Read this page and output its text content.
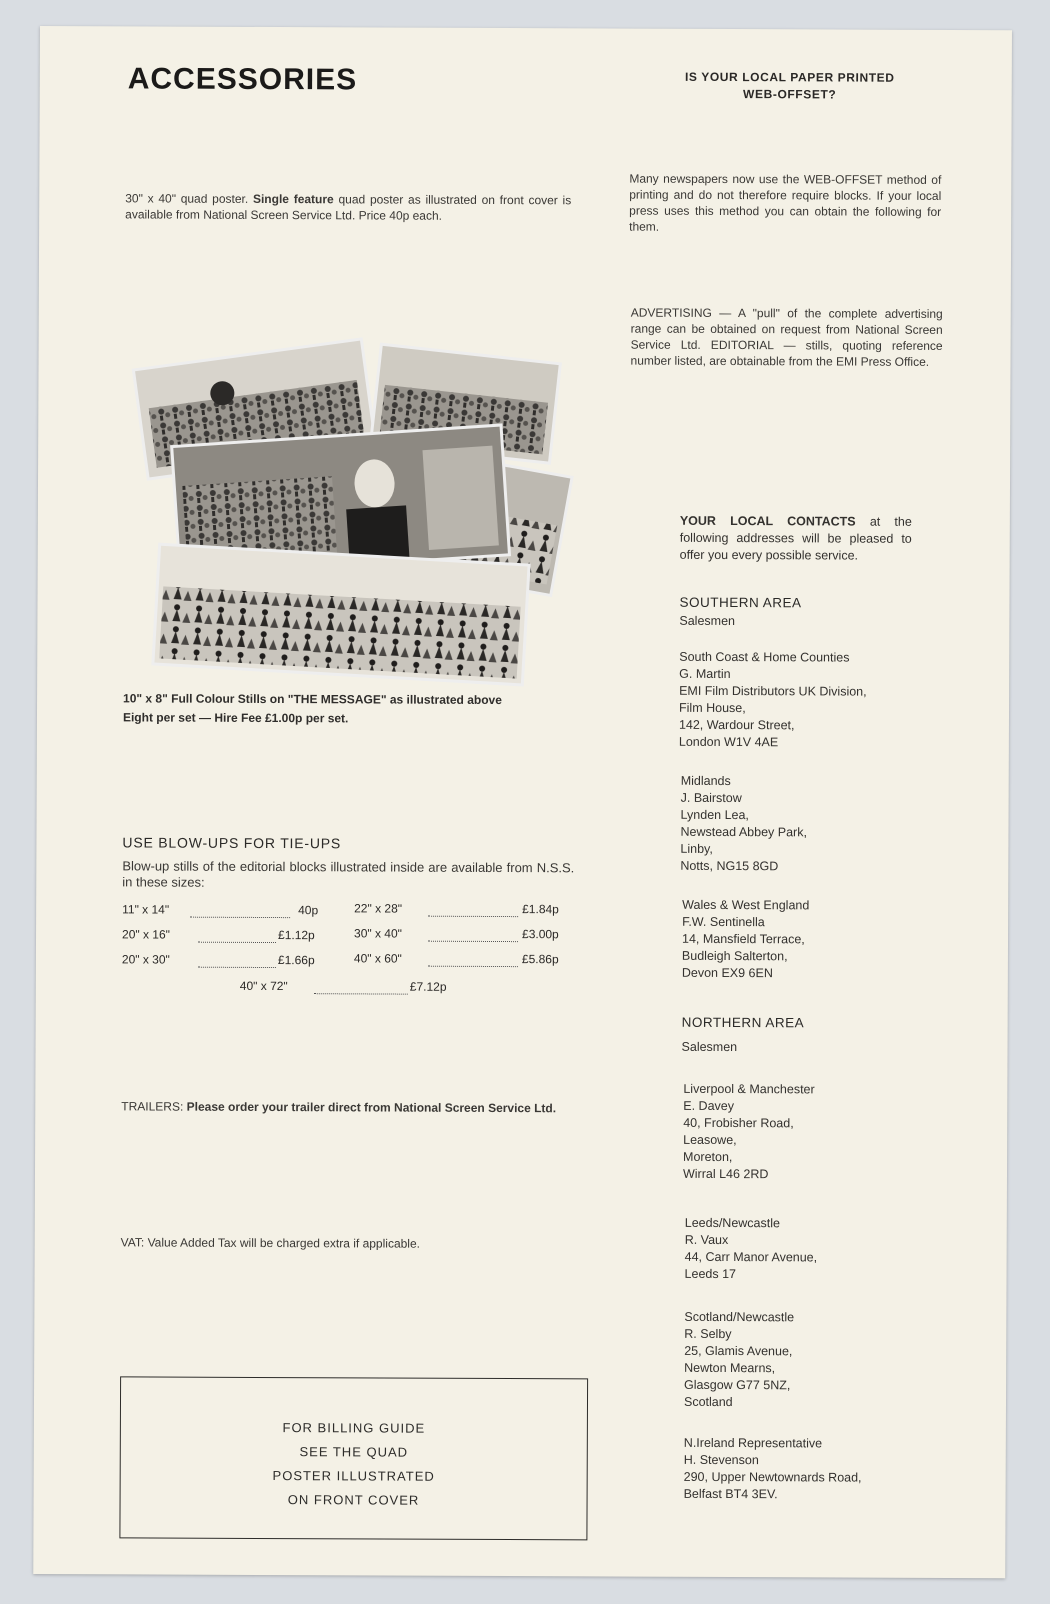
ACCESSORIES	IS YOUR LOCAL PAPER PRINTED
WEB-OFFSET?
30" x 40" quad poster. Single feature quad poster as illustrated on front cover is available from National Screen Service Ltd. Price 40p each.
Many newspapers now use the WEB-OFFSET method of printing and do not therefore require blocks. If your local press uses this method you can obtain the following for them.
ADVERTISING — A "pull" of the complete advertising range can be obtained on request from National Screen Service Ltd. EDITORIAL — stills, quoting reference number listed, are obtainable from the EMI Press Office.
10" x 8" Full Colour Stills on "THE MESSAGE" as illustrated above
Eight per set — Hire Fee £1.00p per set.
USE BLOW-UPS FOR TIE-UPS
Blow-up stills of the editorial blocks illustrated inside are available from N.S.S. in these sizes:
11" x 14"	40p
20" x 16"	£1.12p
20" x 30"	£1.66p
22" x 28"	£1.84p
30" x 40"	£3.00p
40" x 60"	£5.86p
40" x 72"	£7.12p
TRAILERS: Please order your trailer direct from National Screen Service Ltd.
VAT: Value Added Tax will be charged extra if applicable.
FOR BILLING GUIDE
SEE THE QUAD
POSTER ILLUSTRATED
ON FRONT COVER
YOUR LOCAL CONTACTS at the following addresses will be pleased to offer you every possible service.
SOUTHERN AREA
Salesmen
South Coast & Home Counties
G. Martin
EMI Film Distributors UK Division,
Film House,
142, Wardour Street,
London W1V 4AE
Midlands
J. Bairstow
Lynden Lea,
Newstead Abbey Park,
Linby,
Notts, NG15 8GD
Wales & West England
F.W. Sentinella
14, Mansfield Terrace,
Budleigh Salterton,
Devon EX9 6EN
NORTHERN AREA
Salesmen
Liverpool & Manchester
E. Davey
40, Frobisher Road,
Leasowe,
Moreton,
Wirral L46 2RD
Leeds/Newcastle
R. Vaux
44, Carr Manor Avenue,
Leeds 17
Scotland/Newcastle
R. Selby
25, Glamis Avenue,
Newton Mearns,
Glasgow G77 5NZ,
Scotland
N.Ireland Representative
H. Stevenson
290, Upper Newtownards Road,
Belfast BT4 3EV.
